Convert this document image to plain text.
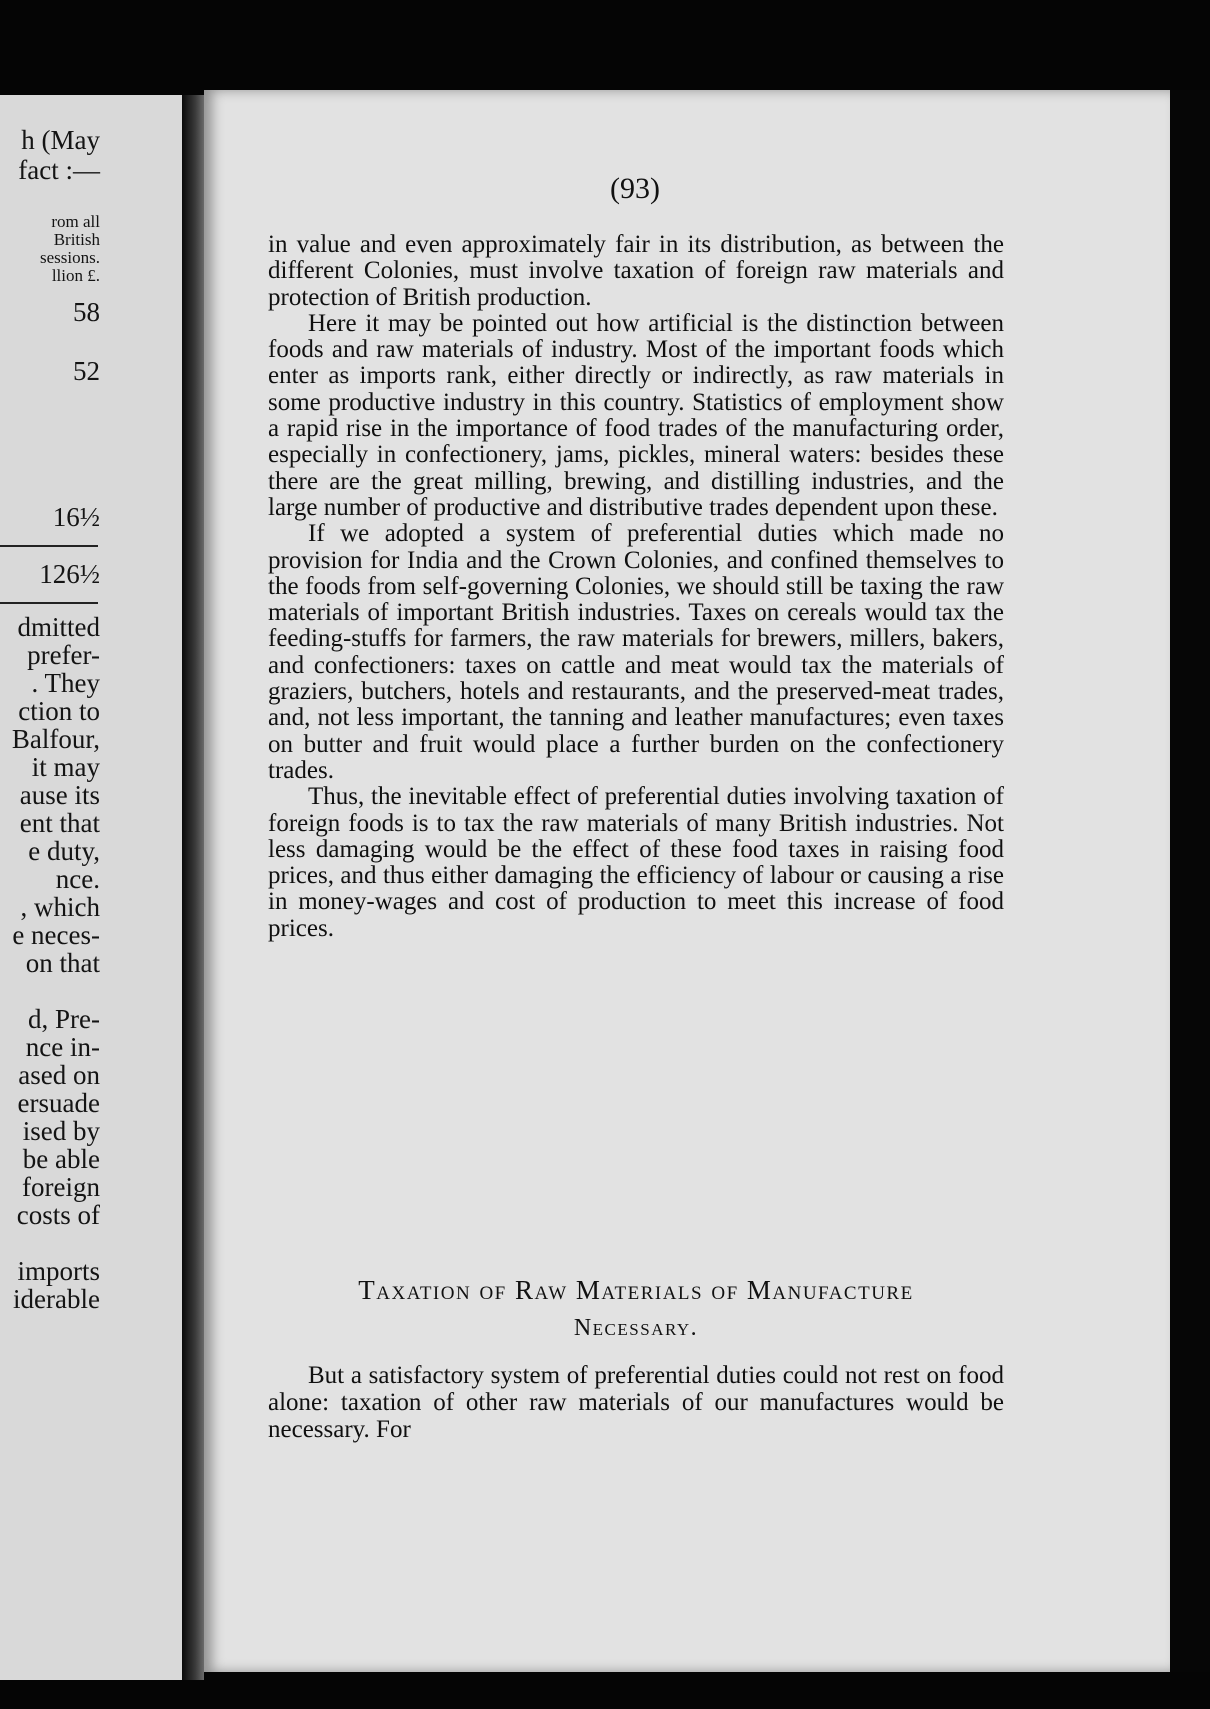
h (May
fact :—
rom all
British
sessions.
llion £.
58
52
16½
126½
dmitted
prefer-
. They
ction to
Balfour,
it may
ause its
ent that
e duty,
nce.
, which
e neces-
on that
d, Pre-
nce in-
ased on
ersuade
ised by
be able
foreign
costs of
imports
iderable
(93)

in value and even approximately fair in its distribution, as between the different Colonies, must involve taxation of foreign raw materials and protection of British production.

Here it may be pointed out how artificial is the distinction between foods and raw materials of industry. Most of the important foods which enter as imports rank, either directly or indirectly, as raw materials in some productive industry in this country. Statistics of employment show a rapid rise in the importance of food trades of the manufacturing order, especially in confectionery, jams, pickles, mineral waters: besides these there are the great milling, brewing, and distilling industries, and the large number of productive and distributive trades dependent upon these.

If we adopted a system of preferential duties which made no provision for India and the Crown Colonies, and confined themselves to the foods from self-governing Colonies, we should still be taxing the raw materials of important British industries. Taxes on cereals would tax the feeding-stuffs for farmers, the raw materials for brewers, millers, bakers, and confectioners: taxes on cattle and meat would tax the materials of graziers, butchers, hotels and restaurants, and the preserved-meat trades, and, not less important, the tanning and leather manufactures; even taxes on butter and fruit would place a further burden on the confectionery trades.

Thus, the inevitable effect of preferential duties involving taxation of foreign foods is to tax the raw materials of many British industries. Not less damaging would be the effect of these food taxes in raising food prices, and thus either damaging the efficiency of labour or causing a rise in money-wages and cost of production to meet this increase of food prices.

Taxation of Raw Materials of Manufacture
Necessary.

But a satisfactory system of preferential duties could not rest on food alone: taxation of other raw materials of our manufactures would be necessary. For
